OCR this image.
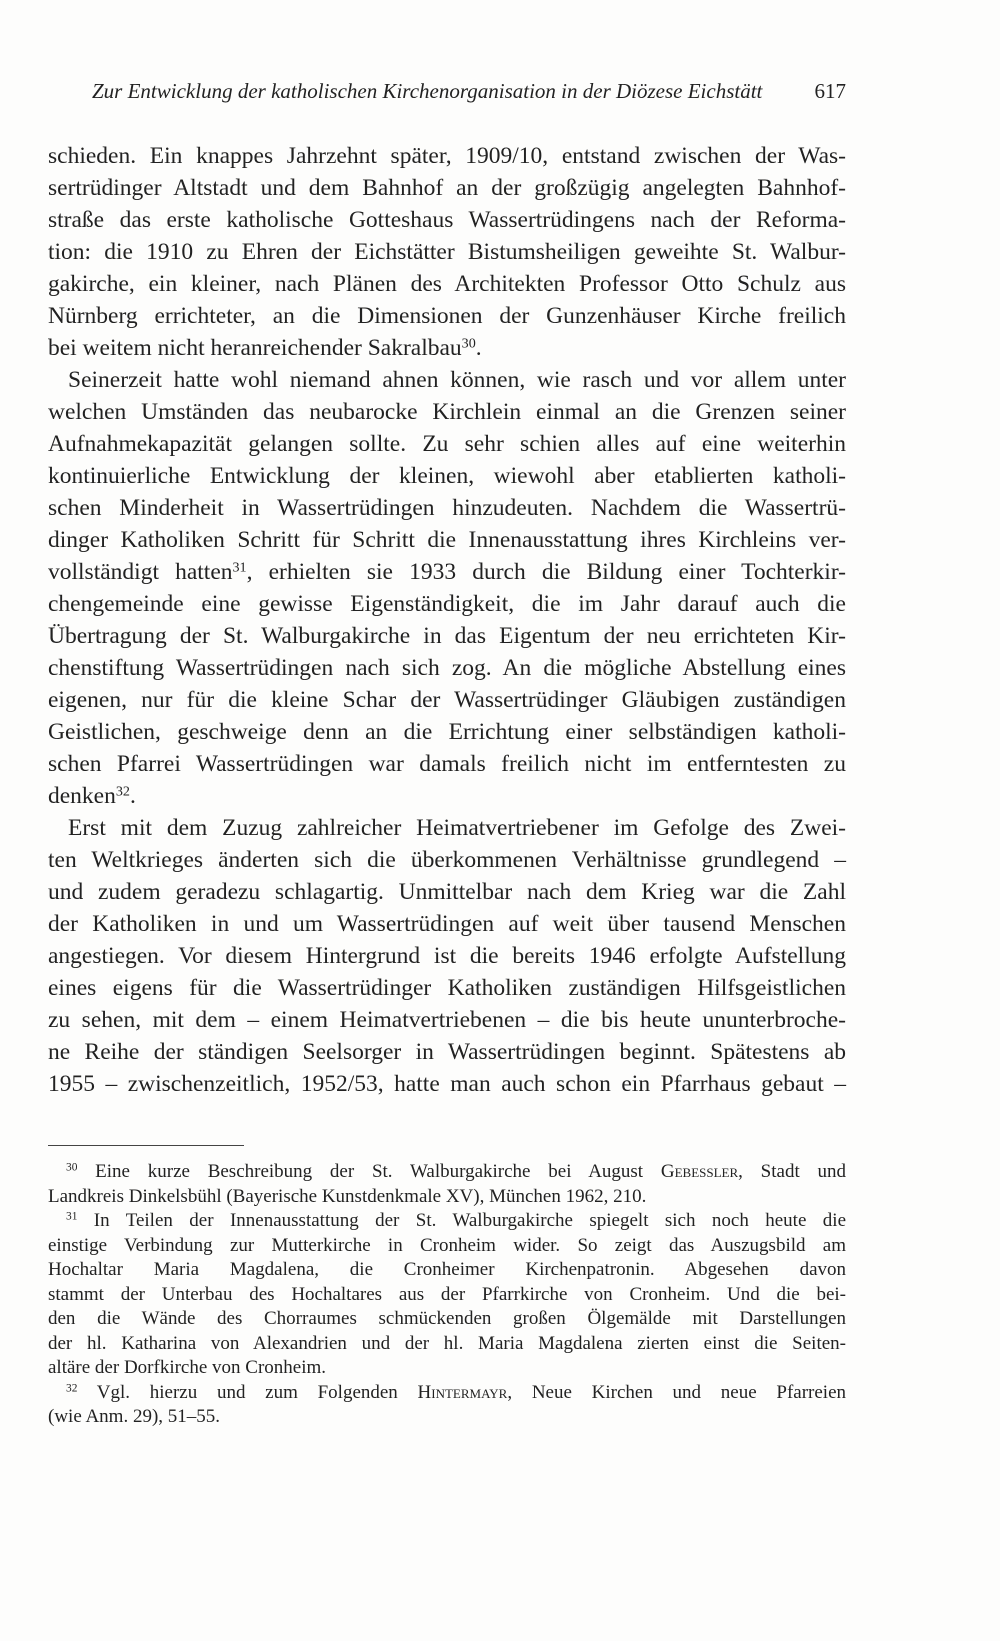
Zur Entwicklung der katholischen Kirchenorganisation in der Diözese Eichstätt 617
schieden. Ein knappes Jahrzehnt später, 1909/10, entstand zwischen der Was-
sertrüdinger Altstadt und dem Bahnhof an der großzügig angelegten Bahnhof-
straße das erste katholische Gotteshaus Wassertrüdingens nach der Reforma-
tion: die 1910 zu Ehren der Eichstätter Bistumsheiligen geweihte St. Walbur-
gakirche, ein kleiner, nach Plänen des Architekten Professor Otto Schulz aus
Nürnberg errichteter, an die Dimensionen der Gunzenhäuser Kirche freilich
bei weitem nicht heranreichender Sakralbau$^{30}$.
Seinerzeit hatte wohl niemand ahnen können, wie rasch und vor allem unter
welchen Umständen das neubarocke Kirchlein einmal an die Grenzen seiner
Aufnahmekapazität gelangen sollte. Zu sehr schien alles auf eine weiterhin
kontinuierliche Entwicklung der kleinen, wiewohl aber etablierten katholi-
schen Minderheit in Wassertrüdingen hinzudeuten. Nachdem die Wassertrü-
dinger Katholiken Schritt für Schritt die Innenausstattung ihres Kirchleins ver-
vollständigt hatten$^{31}$, erhielten sie 1933 durch die Bildung einer Tochterkir-
chengemeinde eine gewisse Eigenständigkeit, die im Jahr darauf auch die
Übertragung der St. Walburgakirche in das Eigentum der neu errichteten Kir-
chenstiftung Wassertrüdingen nach sich zog. An die mögliche Abstellung eines
eigenen, nur für die kleine Schar der Wassertrüdinger Gläubigen zuständigen
Geistlichen, geschweige denn an die Errichtung einer selbständigen katholi-
schen Pfarrei Wassertrüdingen war damals freilich nicht im entferntesten zu
denken$^{32}$.
Erst mit dem Zuzug zahlreicher Heimatvertriebener im Gefolge des Zwei-
ten Weltkrieges änderten sich die überkommenen Verhältnisse grundlegend –
und zudem geradezu schlagartig. Unmittelbar nach dem Krieg war die Zahl
der Katholiken in und um Wassertrüdingen auf weit über tausend Menschen
angestiegen. Vor diesem Hintergrund ist die bereits 1946 erfolgte Aufstellung
eines eigens für die Wassertrüdinger Katholiken zuständigen Hilfsgeistlichen
zu sehen, mit dem – einem Heimatvertriebenen – die bis heute ununterbroche-
ne Reihe der ständigen Seelsorger in Wassertrüdingen beginnt. Spätestens ab
1955 – zwischenzeitlich, 1952/53, hatte man auch schon ein Pfarrhaus gebaut –
$^{30}$ Eine kurze Beschreibung der St. Walburgakirche bei August Gebessler, Stadt und
Landkreis Dinkelsbühl (Bayerische Kunstdenkmale XV), München 1962, 210.
$^{31}$ In Teilen der Innenausstattung der St. Walburgakirche spiegelt sich noch heute die
einstige Verbindung zur Mutterkirche in Cronheim wider. So zeigt das Auszugsbild am
Hochaltar Maria Magdalena, die Cronheimer Kirchenpatronin. Abgesehen davon
stammt der Unterbau des Hochaltares aus der Pfarrkirche von Cronheim. Und die bei-
den die Wände des Chorraumes schmückenden großen Ölgemälde mit Darstellungen
der hl. Katharina von Alexandrien und der hl. Maria Magdalena zierten einst die Seiten-
altäre der Dorfkirche von Cronheim.
$^{32}$ Vgl. hierzu und zum Folgenden Hintermayr, Neue Kirchen und neue Pfarreien
(wie Anm. 29), 51–55.
